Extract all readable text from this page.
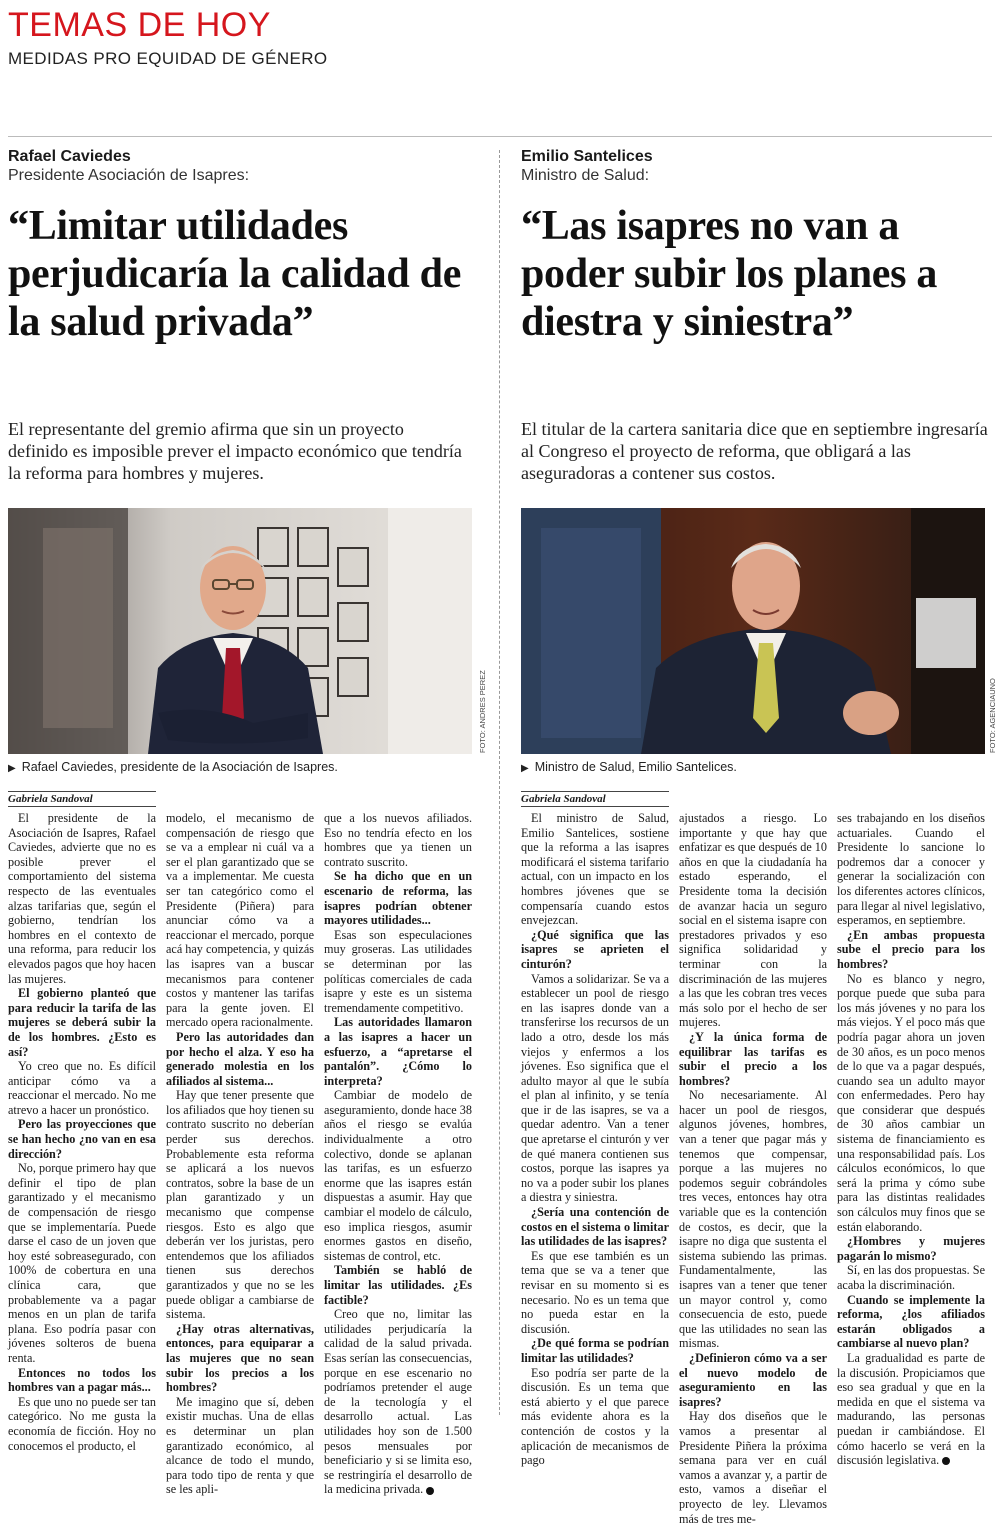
TEMAS DE HOY
MEDIDAS PRO EQUIDAD DE GÉNERO
Rafael Caviedes
Presidente Asociación de Isapres:
“Limitar utilidades perjudicaría la calidad de la salud privada”
El representante del gremio afirma que sin un proyecto definido es imposible prever el impacto económico que tendría la reforma para hombres y mujeres.
FOTO: ANDRES PEREZ
▶ Rafael Caviedes, presidente de la Asociación de Isapres.
Gabriela Sandoval

El presidente de la Asociación de Isapres, Rafael Caviedes, advierte que no es posible prever el comportamiento del sistema respecto de las eventuales alzas tarifarias que, según el gobierno, tendrían los hombres en el contexto de una reforma, para reducir los elevados pagos que hoy hacen las mujeres.

El gobierno planteó que para reducir la tarifa de las mujeres se deberá subir la de los hombres. ¿Esto es así?

Yo creo que no. Es difícil anticipar cómo va a reaccionar el mercado. No me atrevo a hacer un pronóstico.

Pero las proyecciones que se han hecho ¿no van en esa dirección?

No, porque primero hay que definir el tipo de plan garantizado y el mecanismo de compensación de riesgo que se implementaría. Puede darse el caso de un joven que hoy esté sobreasegurado, con 100% de cobertura en una clínica cara, que probablemente va a pagar menos en un plan de tarifa plana. Eso podría pasar con jóvenes solteros de buena renta.

Entonces no todos los hombres van a pagar más...

Es que uno no puede ser tan categórico. No me gusta la economía de ficción. Hoy no conocemos el producto, el

modelo, el mecanismo de compensación de riesgo que se va a emplear ni cuál va a ser el plan garantizado que se va a implementar. Me cuesta ser tan categórico como el Presidente (Piñera) para anunciar cómo va a reaccionar el mercado, porque acá hay competencia, y quizás las isapres van a buscar mecanismos para contener costos y mantener las tarifas para la gente joven. El mercado opera racionalmente.

Pero las autoridades dan por hecho el alza. Y eso ha generado molestia en los afiliados al sistema...

Hay que tener presente que los afiliados que hoy tienen su contrato suscrito no deberían perder sus derechos. Probablemente esta reforma se aplicará a los nuevos contratos, sobre la base de un plan garantizado y un mecanismo que compense riesgos. Esto es algo que deberán ver los juristas, pero entendemos que los afiliados tienen sus derechos garantizados y que no se les puede obligar a cambiarse de sistema.

¿Hay otras alternativas, entonces, para equiparar a las mujeres que no sean subir los precios a los hombres?

Me imagino que sí, deben existir muchas. Una de ellas es determinar un plan garantizado económico, al alcance de todo el mundo, para todo tipo de renta y que se les apli-

que a los nuevos afiliados. Eso no tendría efecto en los hombres que ya tienen un contrato suscrito.

Se ha dicho que en un escenario de reforma, las isapres podrían obtener mayores utilidades...

Esas son especulaciones muy groseras. Las utilidades se determinan por las políticas comerciales de cada isapre y este es un sistema tremendamente competitivo.

Las autoridades llamaron a las isapres a hacer un esfuerzo, a “apretarse el pantalón”. ¿Cómo lo interpreta?

Cambiar de modelo de aseguramiento, donde hace 38 años el riesgo se evalúa individualmente a otro colectivo, donde se aplanan las tarifas, es un esfuerzo enorme que las isapres están dispuestas a asumir. Hay que cambiar el modelo de cálculo, eso implica riesgos, asumir enormes gastos en diseño, sistemas de control, etc.

También se habló de limitar las utilidades. ¿Es factible?

Creo que no, limitar las utilidades perjudicaría la calidad de la salud privada. Esas serían las consecuencias, porque en ese escenario no podríamos pretender el auge de la tecnología y el desarrollo actual. Las utilidades hoy son de 1.500 pesos mensuales por beneficiario y si se limita eso, se restringiría el desarrollo de la medicina privada.

Emilio Santelices
Ministro de Salud:
“Las isapres no van a poder subir los planes a diestra y siniestra”
El titular de la cartera sanitaria dice que en septiembre ingresaría al Congreso el proyecto de reforma, que obligará a las aseguradoras a contener sus costos.
FOTO: AGENCIAUNO
▶ Ministro de Salud, Emilio Santelices.
Gabriela Sandoval

El ministro de Salud, Emilio Santelices, sostiene que la reforma a las isapres modificará el sistema tarifario actual, con un impacto en los hombres jóvenes que se compensaría cuando estos envejezcan.

¿Qué significa que las isapres se aprieten el cinturón?

Vamos a solidarizar. Se va a establecer un pool de riesgo en las isapres donde van a transferirse los recursos de un lado a otro, desde los más viejos y enfermos a los jóvenes. Eso significa que el adulto mayor al que le subía el plan al infinito, y se tenía que ir de las isapres, se va a quedar adentro. Van a tener que apretarse el cinturón y ver de qué manera contienen sus costos, porque las isapres ya no va a poder subir los planes a diestra y siniestra.

¿Sería una contención de costos en el sistema o limitar las utilidades de las isapres?

Es que ese también es un tema que se va a tener que revisar en su momento si es necesario. No es un tema que no pueda estar en la discusión.

¿De qué forma se podrían limitar las utilidades?

Eso podría ser parte de la discusión. Es un tema que está abierto y el que parece más evidente ahora es la contención de costos y la aplicación de mecanismos de pago

ajustados a riesgo. Lo importante y que hay que enfatizar es que después de 10 años en que la ciudadanía ha estado esperando, el Presidente toma la decisión de avanzar hacia un seguro social en el sistema isapre con prestadores privados y eso significa solidaridad y terminar con la discriminación de las mujeres a las que les cobran tres veces más solo por el hecho de ser mujeres.

¿Y la única forma de equilibrar las tarifas es subir el precio a los hombres?

No necesariamente. Al hacer un pool de riesgos, algunos jóvenes, hombres, van a tener que pagar más y tenemos que compensar, porque a las mujeres no podemos seguir cobrándoles tres veces, entonces hay otra variable que es la contención de costos, es decir, que la isapre no diga que sustenta el sistema subiendo las primas. Fundamentalmente, las isapres van a tener que tener un mayor control y, como consecuencia de esto, puede que las utilidades no sean las mismas.

¿Definieron cómo va a ser el nuevo modelo de aseguramiento en las isapres?

Hay dos diseños que le vamos a presentar al Presidente Piñera la próxima semana para ver en cuál vamos a avanzar y, a partir de esto, vamos a diseñar el proyecto de ley. Llevamos más de tres me-

ses trabajando en los diseños actuariales. Cuando el Presidente lo sancione lo podremos dar a conocer y generar la socialización con los diferentes actores clínicos, para llegar al nivel legislativo, esperamos, en septiembre.

¿En ambas propuesta sube el precio para los hombres?

No es blanco y negro, porque puede que suba para los más jóvenes y no para los más viejos. Y el poco más que podría pagar ahora un joven de 30 años, es un poco menos de lo que va a pagar después, cuando sea un adulto mayor con enfermedades. Pero hay que considerar que después de 30 años cambiar un sistema de financiamiento es una responsabilidad país. Los cálculos económicos, lo que será la prima y cómo sube para las distintas realidades son cálculos muy finos que se están elaborando.

¿Hombres y mujeres pagarán lo mismo?

Sí, en las dos propuestas. Se acaba la discriminación.

Cuando se implemente la reforma, ¿los afiliados estarán obligados a cambiarse al nuevo plan?

La gradualidad es parte de la discusión. Propiciamos que eso sea gradual y que en la medida en que el sistema va madurando, las personas puedan ir cambiándose. El cómo hacerlo se verá en la discusión legislativa.
